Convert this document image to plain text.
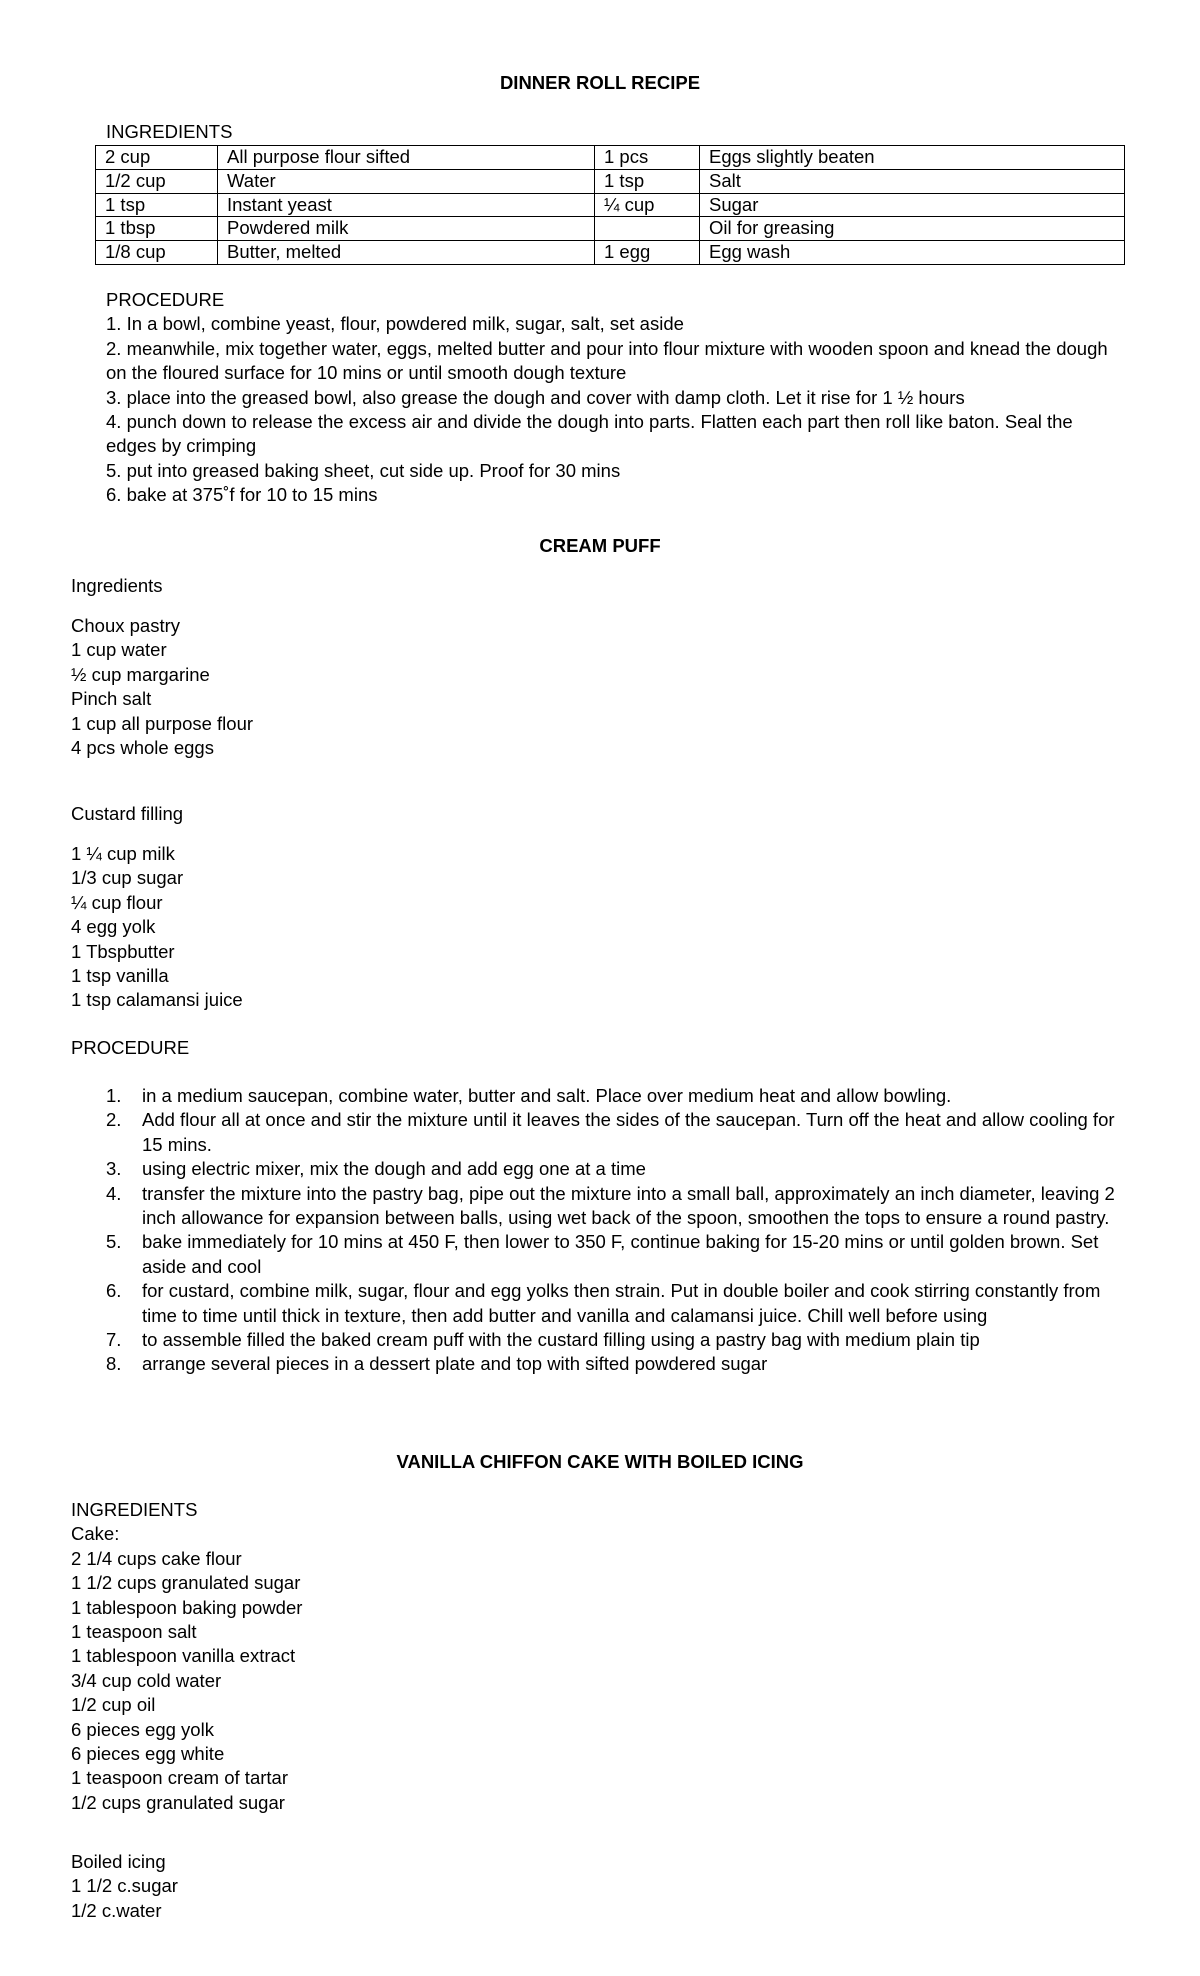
DINNER ROLL RECIPE
INGREDIENTS
2 cup	All purpose flour sifted	1 pcs	Eggs slightly beaten
1/2 cup	Water	1 tsp	Salt
1 tsp	Instant yeast	¼ cup	Sugar
1 tbsp	Powdered milk		Oil for greasing
1/8 cup	Butter, melted	1 egg	Egg wash
PROCEDURE
1. In a bowl, combine yeast, flour, powdered milk, sugar, salt, set aside
2. meanwhile, mix together water, eggs, melted butter and pour into flour mixture with wooden spoon and knead the dough on the floured surface for 10 mins or until smooth dough texture
3. place into the greased bowl, also grease the dough and cover with damp cloth. Let it rise for 1 ½ hours
4. punch down to release the excess air and divide the dough into parts. Flatten each part then roll like baton. Seal the edges by crimping
5. put into greased baking sheet, cut side up. Proof for 30 mins
6. bake at 375˚f for 10 to 15 mins
CREAM PUFF
Ingredients
Choux pastry
1 cup water
½ cup margarine
Pinch salt
1 cup all purpose flour
4 pcs whole eggs
Custard filling
1 ¼ cup milk
1/3 cup sugar
¼ cup flour
4 egg yolk
1 Tbspbutter
1 tsp vanilla
1 tsp calamansi juice
PROCEDURE
1. in a medium saucepan, combine water, butter and salt. Place over medium heat and allow bowling.
2. Add flour all at once and stir the mixture until it leaves the sides of the saucepan. Turn off the heat and allow cooling for 15 mins.
3. using electric mixer, mix the dough and add egg one at a time
4. transfer the mixture into the pastry bag, pipe out the mixture into a small ball, approximately an inch diameter, leaving 2 inch allowance for expansion between balls, using wet back of the spoon, smoothen the tops to ensure a round pastry.
5. bake immediately for 10 mins at 450 F, then lower to 350 F, continue baking for 15-20 mins or until golden brown. Set aside and cool
6. for custard, combine milk, sugar, flour and egg yolks then strain. Put in double boiler and cook stirring constantly from time to time until thick in texture, then add butter and vanilla and calamansi juice. Chill well before using
7. to assemble filled the baked cream puff with the custard filling using a pastry bag with medium plain tip
8. arrange several pieces in a dessert plate and top with sifted powdered sugar
VANILLA CHIFFON CAKE WITH BOILED ICING
INGREDIENTS
Cake:
2 1/4 cups cake flour
1 1/2 cups granulated sugar
1 tablespoon baking powder
1 teaspoon salt
1 tablespoon vanilla extract
3/4 cup cold water
1/2 cup oil
6 pieces egg yolk
6 pieces egg white
1 teaspoon cream of tartar
1/2 cups granulated sugar
Boiled icing
1 1/2 c.sugar
1/2 c.water
